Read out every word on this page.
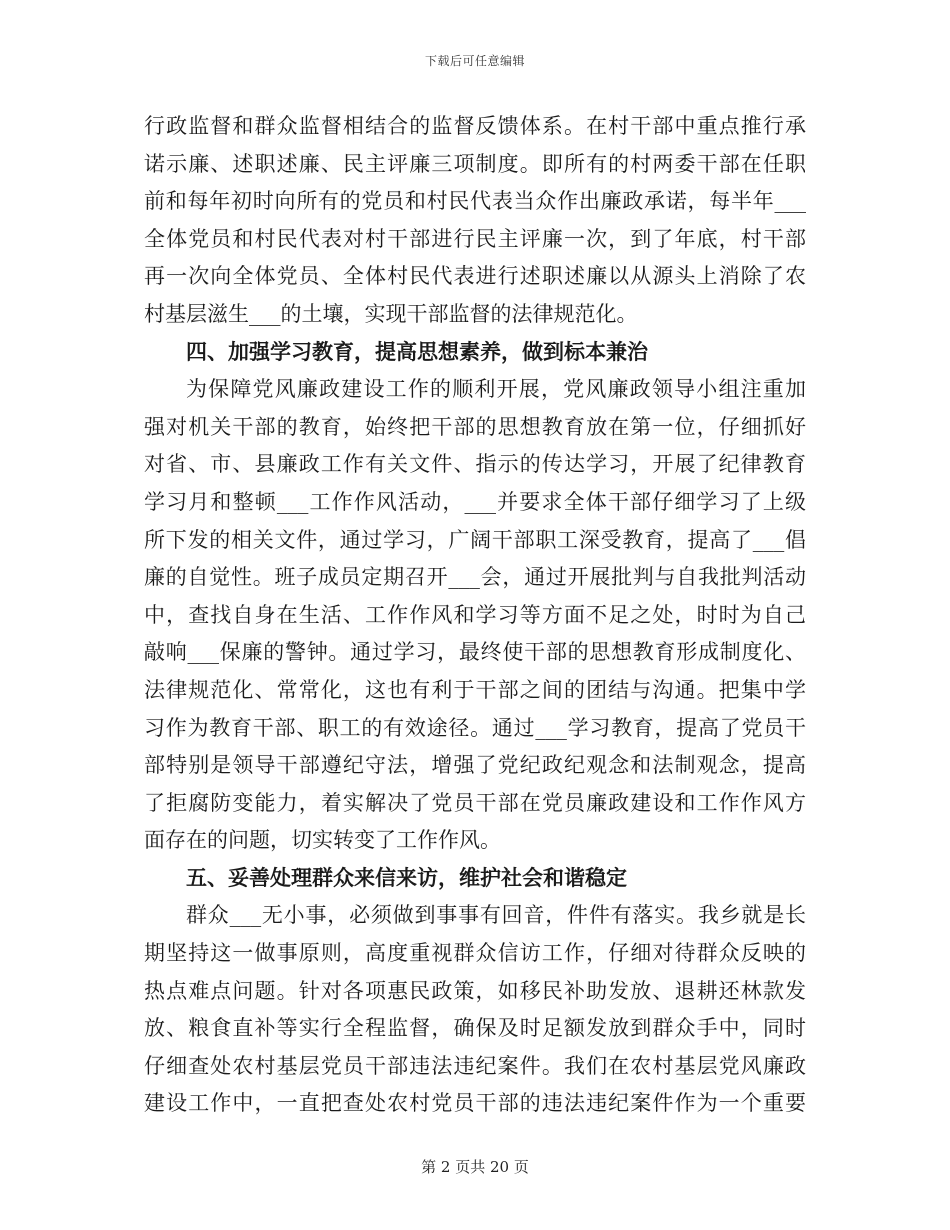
下载后可任意编辑
行政监督和群众监督相结合的监督反馈体系。在村干部中重点推行承
诺示廉、述职述廉、民主评廉三项制度。即所有的村两委干部在任职
前和每年初时向所有的党员和村民代表当众作出廉政承诺，每半年___
全体党员和村民代表对村干部进行民主评廉一次，到了年底，村干部
再一次向全体党员、全体村民代表进行述职述廉以从源头上消除了农
村基层滋生___的土壤，实现干部监督的法律规范化。
四、加强学习教育，提高思想素养，做到标本兼治
为保障党风廉政建设工作的顺利开展，党风廉政领导小组注重加
强对机关干部的教育，始终把干部的思想教育放在第一位，仔细抓好
对省、市、县廉政工作有关文件、指示的传达学习，开展了纪律教育
学习月和整顿___工作作风活动，___并要求全体干部仔细学习了上级
所下发的相关文件，通过学习，广阔干部职工深受教育，提高了___倡
廉的自觉性。班子成员定期召开___会，通过开展批判与自我批判活动
中，查找自身在生活、工作作风和学习等方面不足之处，时时为自己
敲响___保廉的警钟。通过学习，最终使干部的思想教育形成制度化、
法律规范化、常常化，这也有利于干部之间的团结与沟通。把集中学
习作为教育干部、职工的有效途径。通过___学习教育，提高了党员干
部特别是领导干部遵纪守法，增强了党纪政纪观念和法制观念，提高
了拒腐防变能力，着实解决了党员干部在党员廉政建设和工作作风方
面存在的问题，切实转变了工作作风。
五、妥善处理群众来信来访，维护社会和谐稳定
群众___无小事，必须做到事事有回音，件件有落实。我乡就是长
期坚持这一做事原则，高度重视群众信访工作，仔细对待群众反映的
热点难点问题。针对各项惠民政策，如移民补助发放、退耕还林款发
放、粮食直补等实行全程监督，确保及时足额发放到群众手中，同时
仔细查处农村基层党员干部违法违纪案件。我们在农村基层党风廉政
建设工作中，一直把查处农村党员干部的违法违纪案件作为一个重要
第 2 页共 20 页
